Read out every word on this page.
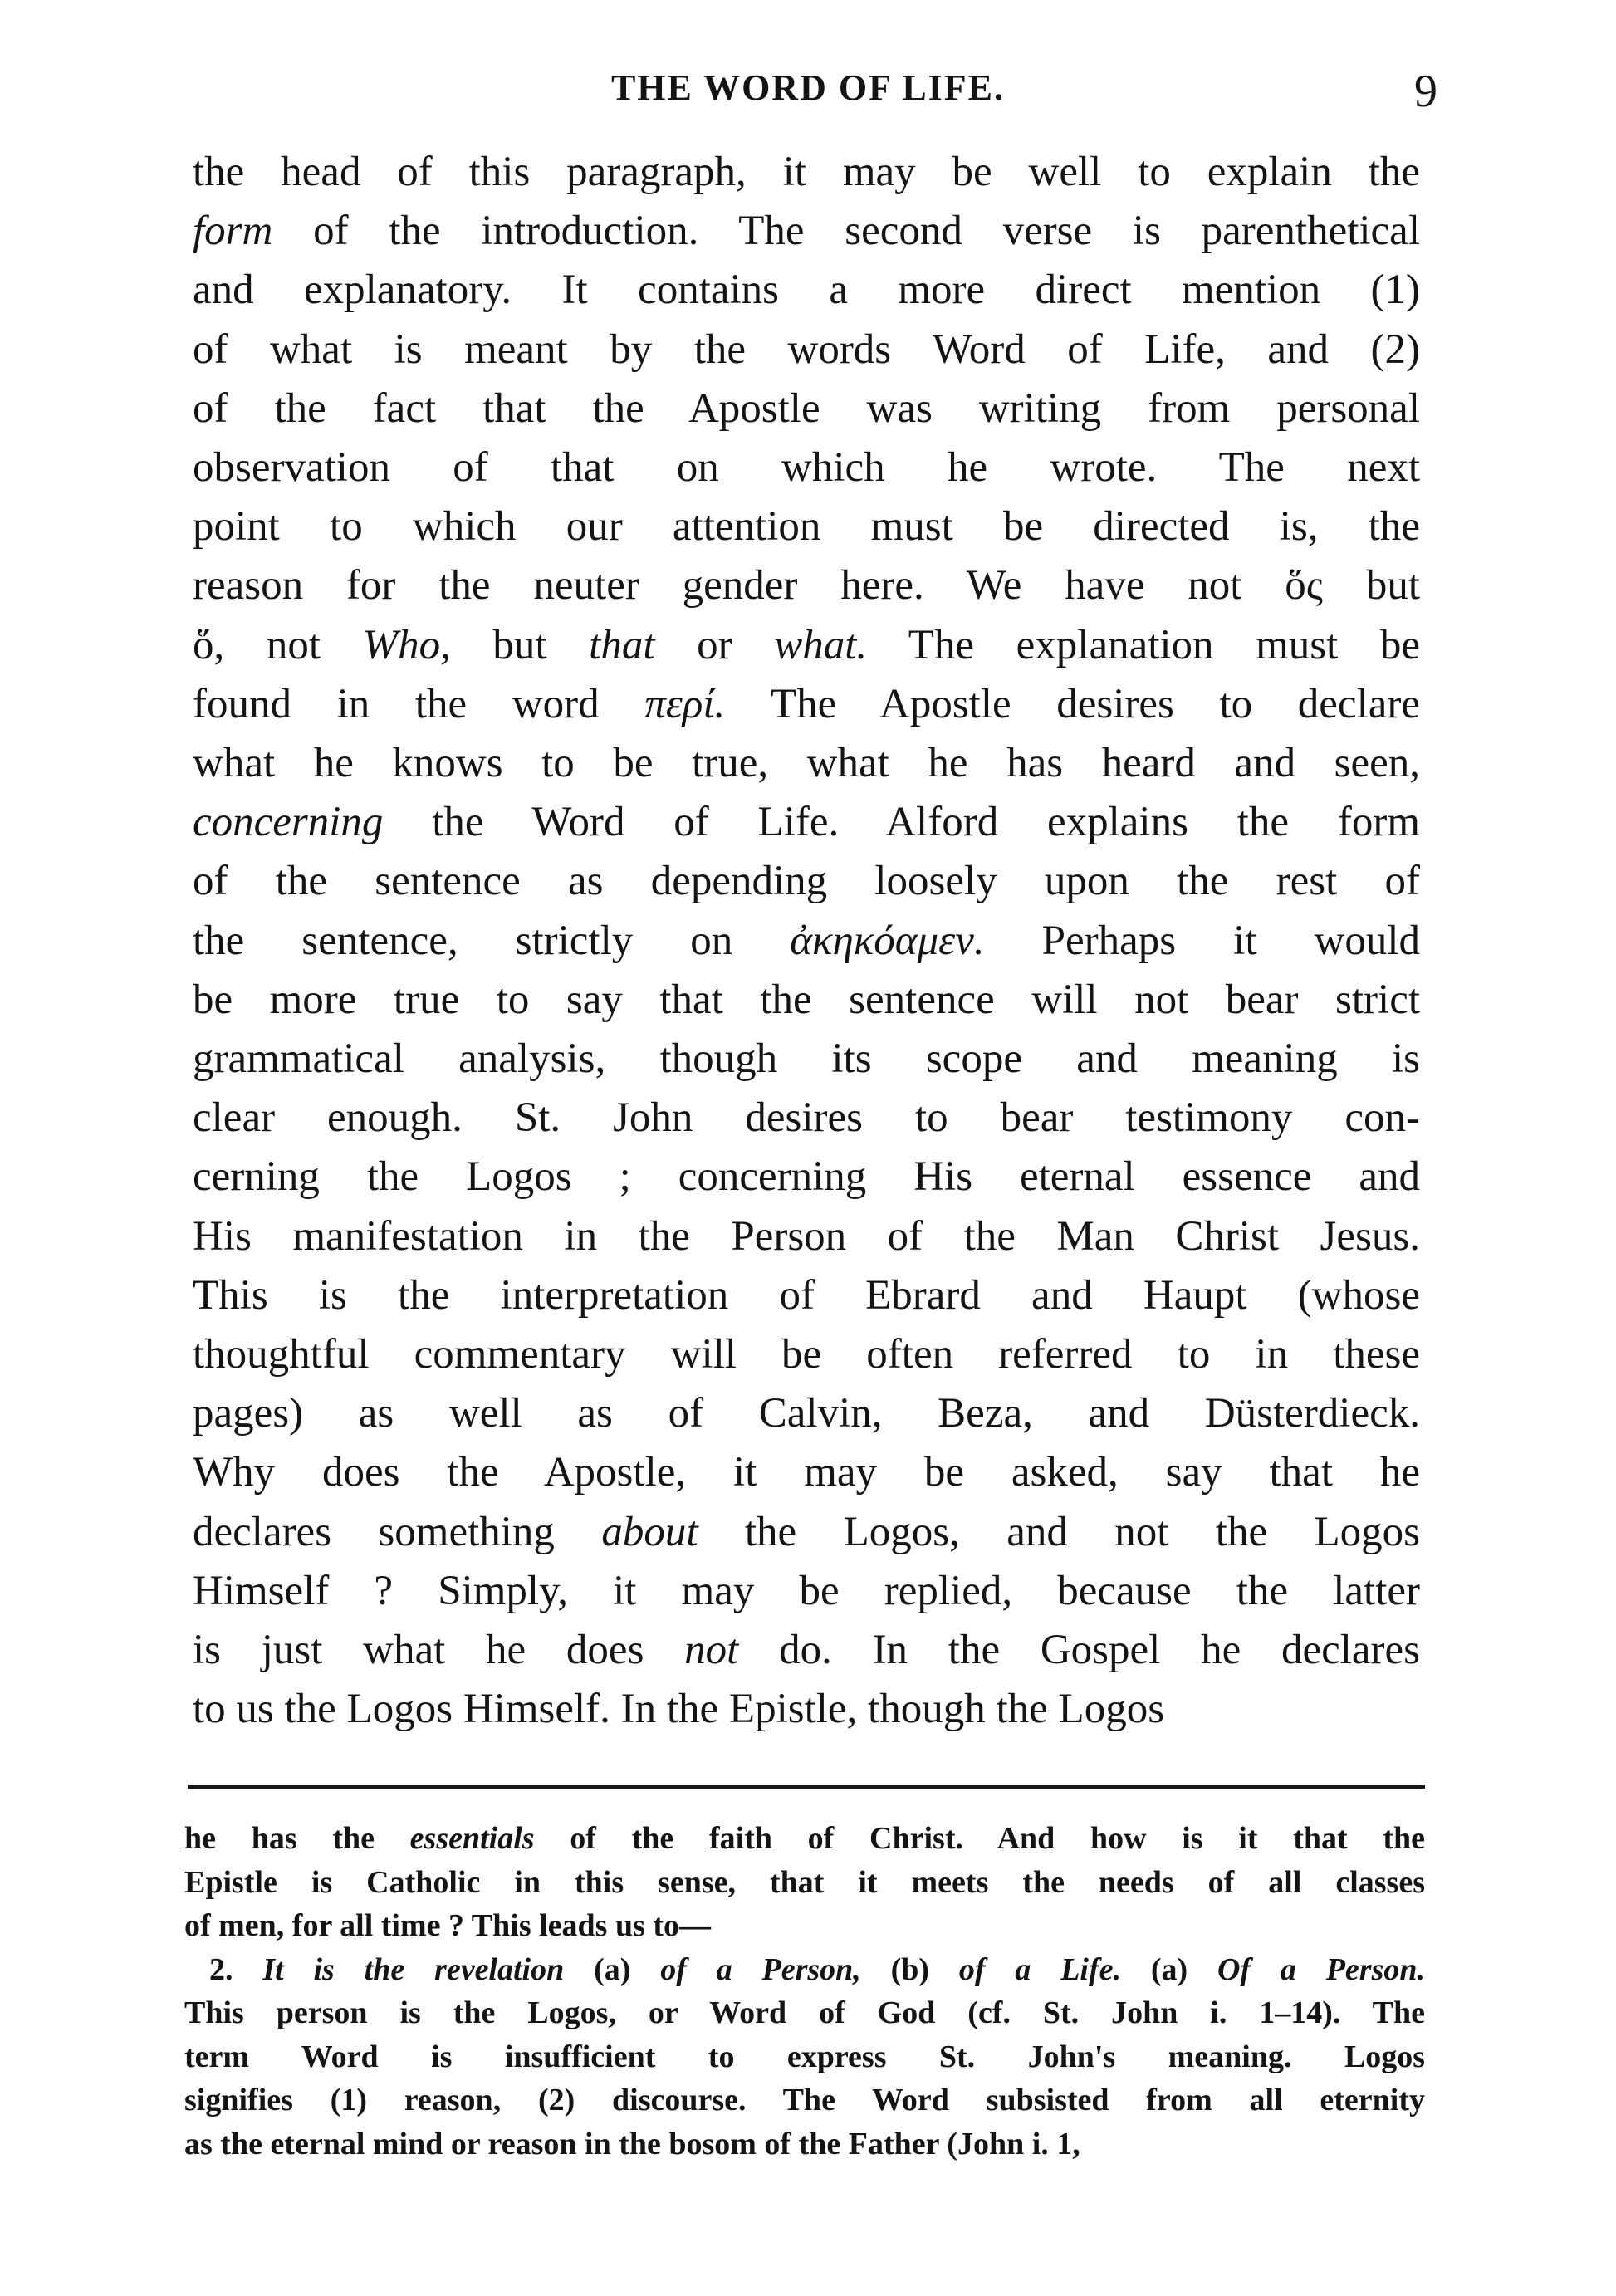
THE WORD OF LIFE.	9
the head of this paragraph, it may be well to explain the
form of the introduction. The second verse is parenthetical
and explanatory. It contains a more direct mention (1)
of what is meant by the words Word of Life, and (2)
of the fact that the Apostle was writing from personal
observation of that on which he wrote. The next
point to which our attention must be directed is, the
reason for the neuter gender here. We have not ὅς but
ὅ, not Who, but that or what. The explanation must be
found in the word περί. The Apostle desires to declare
what he knows to be true, what he has heard and seen,
concerning the Word of Life. Alford explains the form
of the sentence as depending loosely upon the rest of
the sentence, strictly on ἀκηκόαμεν. Perhaps it would
be more true to say that the sentence will not bear strict
grammatical analysis, though its scope and meaning is
clear enough. St. John desires to bear testimony con-
cerning the Logos ; concerning His eternal essence and
His manifestation in the Person of the Man Christ Jesus.
This is the interpretation of Ebrard and Haupt (whose
thoughtful commentary will be often referred to in these
pages) as well as of Calvin, Beza, and Düsterdieck.
Why does the Apostle, it may be asked, say that he
declares something about the Logos, and not the Logos
Himself ? Simply, it may be replied, because the latter
is just what he does not do. In the Gospel he declares
to us the Logos Himself. In the Epistle, though the Logos
he has the essentials of the faith of Christ. And how is it that the
Epistle is Catholic in this sense, that it meets the needs of all classes
of men, for all time ? This leads us to—
2. It is the revelation (a) of a Person, (b) of a Life. (a) Of a Person.
This person is the Logos, or Word of God (cf. St. John i. 1–14). The
term Word is insufficient to express St. John's meaning. Logos
signifies (1) reason, (2) discourse. The Word subsisted from all eternity
as the eternal mind or reason in the bosom of the Father (John i. 1,
